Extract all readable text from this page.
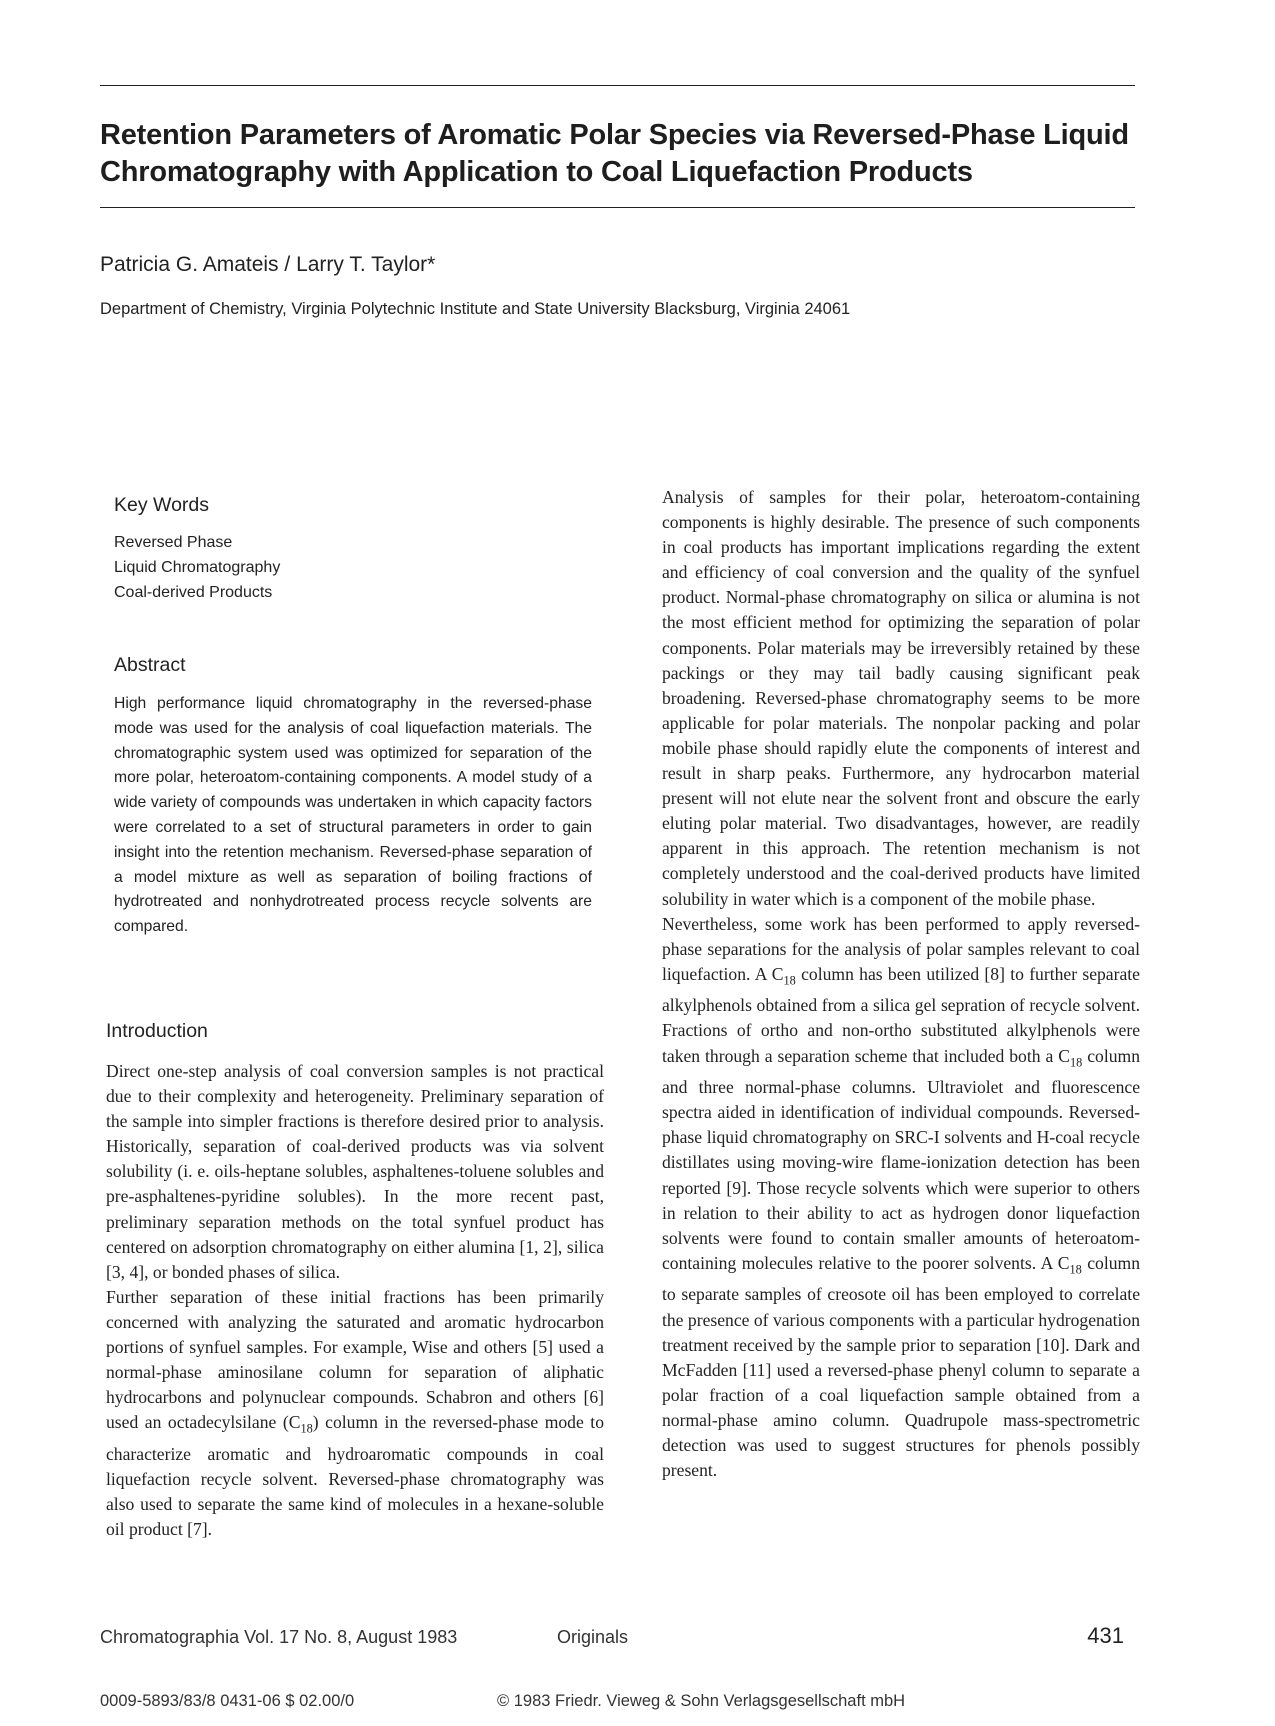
Retention Parameters of Aromatic Polar Species via Reversed-Phase Liquid Chromatography with Application to Coal Liquefaction Products

Patricia G. Amateis / Larry T. Taylor*

Department of Chemistry, Virginia Polytechnic Institute and State University Blacksburg, Virginia 24061

Key Words
Reversed Phase
Liquid Chromatography
Coal-derived Products
Abstract

High performance liquid chromatography in the reversed-phase mode was used for the analysis of coal liquefaction materials. The chromatographic system used was optimized for separation of the more polar, heteroatom-containing components. A model study of a wide variety of compounds was undertaken in which capacity factors were correlated to a set of structural parameters in order to gain insight into the retention mechanism. Reversed-phase separation of a model mixture as well as separation of boiling fractions of hydrotreated and nonhydrotreated process recycle solvents are compared.

Introduction

Direct one-step analysis of coal conversion samples is not practical due to their complexity and heterogeneity. Preliminary separation of the sample into simpler fractions is therefore desired prior to analysis. Historically, separation of coal-derived products was via solvent solubility (i. e. oils-heptane solubles, asphaltenes-toluene solubles and pre-asphaltenes-pyridine solubles). In the more recent past, preliminary separation methods on the total synfuel product has centered on adsorption chromatography on either alumina [1, 2], silica [3, 4], or bonded phases of silica.

Further separation of these initial fractions has been primarily concerned with analyzing the saturated and aromatic hydrocarbon portions of synfuel samples. For example, Wise and others [5] used a normal-phase aminosilane column for separation of aliphatic hydrocarbons and polynuclear compounds. Schabron and others [6] used an octadecylsilane $(C_{18})$ column in the reversed-phase mode to characterize aromatic and hydroaromatic compounds in coal liquefaction recycle solvent. Reversed-phase chromatography was also used to separate the same kind of molecules in a hexane-soluble oil product [7].

Analysis of samples for their polar, heteroatom-containing components is highly desirable. The presence of such components in coal products has important implications regarding the extent and efficiency of coal conversion and the quality of the synfuel product. Normal-phase chromatography on silica or alumina is not the most efficient method for optimizing the separation of polar components. Polar materials may be irreversibly retained by these packings or they may tail badly causing significant peak broadening. Reversed-phase chromatography seems to be more applicable for polar materials. The nonpolar packing and polar mobile phase should rapidly elute the components of interest and result in sharp peaks. Furthermore, any hydrocarbon material present will not elute near the solvent front and obscure the early eluting polar material. Two disadvantages, however, are readily apparent in this approach. The retention mechanism is not completely understood and the coal-derived products have limited solubility in water which is a component of the mobile phase.

Nevertheless, some work has been performed to apply reversed-phase separations for the analysis of polar samples relevant to coal liquefaction. A $C_{18}$ column has been utilized [8] to further separate alkylphenols obtained from a silica gel sepration of recycle solvent. Fractions of ortho and non-ortho substituted alkylphenols were taken through a separation scheme that included both a $C_{18}$ column and three normal-phase columns. Ultraviolet and fluorescence spectra aided in identification of individual compounds. Reversed-phase liquid chromatography on SRC-I solvents and H-coal recycle distillates using moving-wire flame-ionization detection has been reported [9]. Those recycle solvents which were superior to others in relation to their ability to act as hydrogen donor liquefaction solvents were found to contain smaller amounts of heteroatom-containing molecules relative to the poorer solvents. A $C_{18}$ column to separate samples of creosote oil has been employed to correlate the presence of various components with a particular hydrogenation treatment received by the sample prior to separation [10]. Dark and McFadden [11] used a reversed-phase phenyl column to separate a polar fraction of a coal liquefaction sample obtained from a normal-phase amino column. Quadrupole mass-spectrometric detection was used to suggest structures for phenols possibly present.

Chromatographia Vol. 17 No. 8, August 1983	Originals	431

0009-5893/83/8 0431-06 $ 02.00/0	© 1983 Friedr. Vieweg & Sohn Verlagsgesellschaft mbH
